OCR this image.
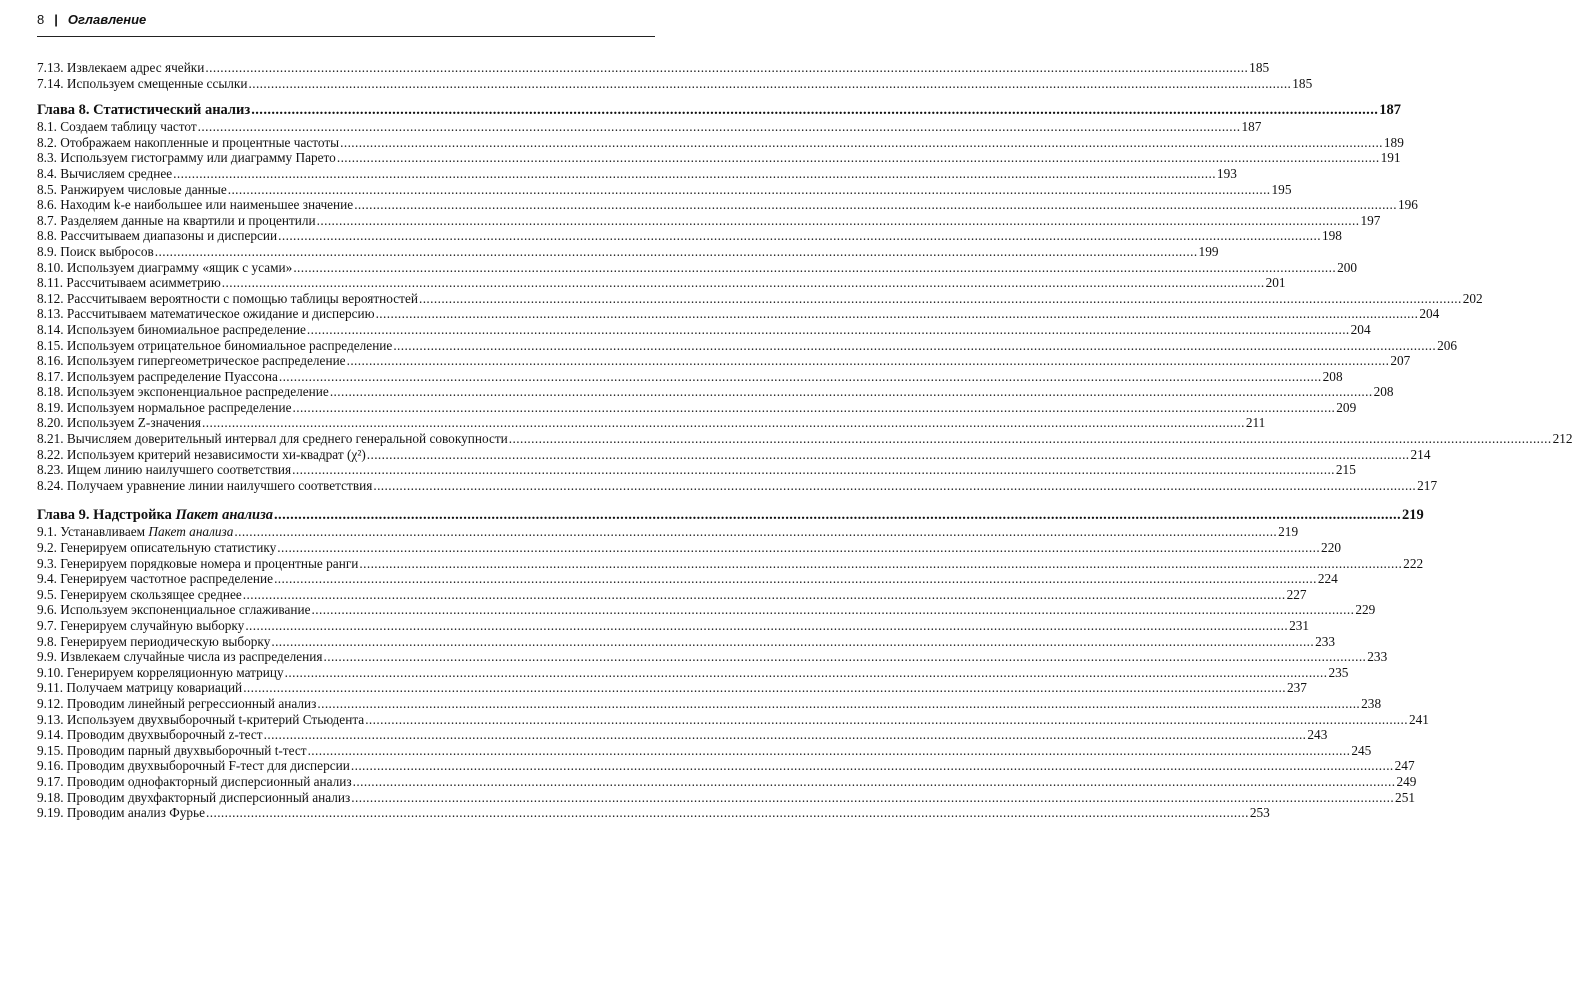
8 | Оглавление
7.13. Извлекаем адрес ячейки .....	185
7.14. Используем смещенные ссылки .....	185
Глава 8. Статистический анализ .....	187
8.1. Создаем таблицу частот .....	187
8.2. Отображаем накопленные и процентные частоты .....	189
8.3. Используем гистограмму или диаграмму Парето .....	191
8.4. Вычисляем среднее .....	193
8.5. Ранжируем числовые данные .....	195
8.6. Находим k-е наибольшее или наименьшее значение .....	196
8.7. Разделяем данные на квартили и процентили .....	197
8.8. Рассчитываем диапазоны и дисперсии .....	198
8.9. Поиск выбросов .....	199
8.10. Используем диаграмму «ящик с усами» .....	200
8.11. Рассчитываем асимметрию .....	201
8.12. Рассчитываем вероятности с помощью таблицы вероятностей .....	202
8.13. Рассчитываем математическое ожидание и дисперсию .....	204
8.14. Используем биномиальное распределение .....	204
8.15. Используем отрицательное биномиальное распределение .....	206
8.16. Используем гипергеометрическое распределение .....	207
8.17. Используем распределение Пуассона .....	208
8.18. Используем экспоненциальное распределение .....	208
8.19. Используем нормальное распределение .....	209
8.20. Используем Z-значения .....	211
8.21. Вычисляем доверительный интервал для среднего генеральной совокупности .....	212
8.22. Используем критерий независимости хи-квадрат (χ²) .....	214
8.23. Ищем линию наилучшего соответствия .....	215
8.24. Получаем уравнение линии наилучшего соответствия .....	217
Глава 9. Надстройка Пакет анализа .....	219
9.1. Устанавливаем Пакет анализа .....	219
9.2. Генерируем описательную статистику .....	220
9.3. Генерируем порядковые номера и процентные ранги .....	222
9.4. Генерируем частотное распределение .....	224
9.5. Генерируем скользящее среднее .....	227
9.6. Используем экспоненциальное сглаживание .....	229
9.7. Генерируем случайную выборку .....	231
9.8. Генерируем периодическую выборку .....	233
9.9. Извлекаем случайные числа из распределения .....	233
9.10. Генерируем корреляционную матрицу .....	235
9.11. Получаем матрицу ковариаций .....	237
9.12. Проводим линейный регрессионный анализ .....	238
9.13. Используем двухвыборочный t-критерий Стьюдента .....	241
9.14. Проводим двухвыборочный z-тест .....	243
9.15. Проводим парный двухвыборочный t-тест .....	245
9.16. Проводим двухвыборочный F-тест для дисперсии .....	247
9.17. Проводим однофакторный дисперсионный анализ .....	249
9.18. Проводим двухфакторный дисперсионный анализ .....	251
9.19. Проводим анализ Фурье .....	253
